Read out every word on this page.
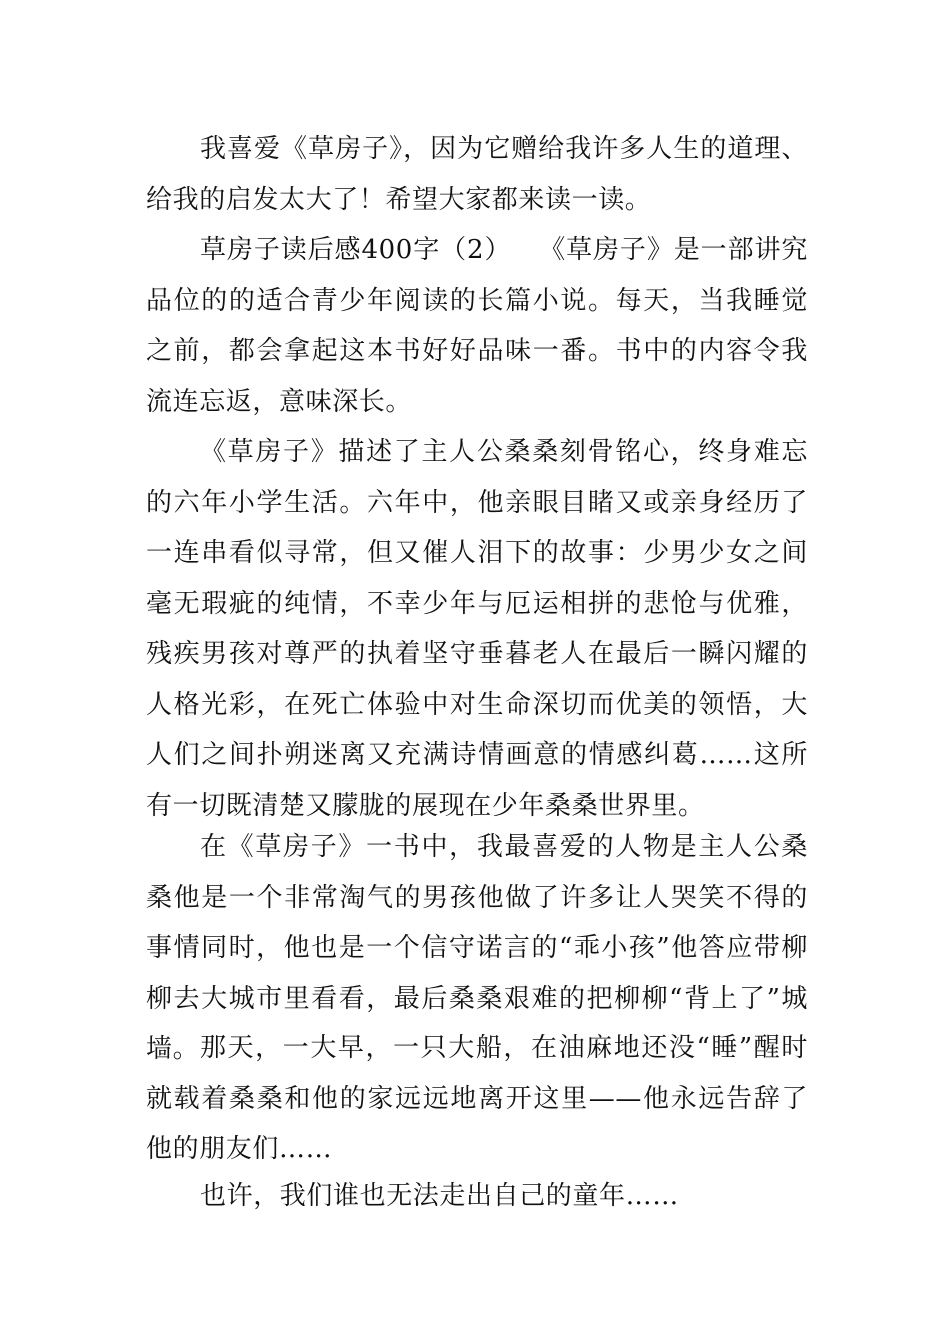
我喜爱《草房子》，因为它赠给我许多人生的道理、给我的启发太大了！希望大家都来读一读。

草房子读后感400字（2）　　《草房子》是一部讲究品位的的适合青少年阅读的长篇小说。每天，当我睡觉之前，都会拿起这本书好好品味一番。书中的内容令我流连忘返，意味深长。

《草房子》描述了主人公桑桑刻骨铭心，终身难忘的六年小学生活。六年中，他亲眼目睹又或亲身经历了一连串看似寻常，但又催人泪下的故事：少男少女之间毫无瑕疵的纯情，不幸少年与厄运相拼的悲怆与优雅，残疾男孩对尊严的执着坚守垂暮老人在最后一瞬闪耀的人格光彩，在死亡体验中对生命深切而优美的领悟，大人们之间扑朔迷离又充满诗情画意的情感纠葛……这所有一切既清楚又朦胧的展现在少年桑桑世界里。

在《草房子》一书中，我最喜爱的人物是主人公桑桑他是一个非常淘气的男孩他做了许多让人哭笑不得的事情同时，他也是一个信守诺言的“乖小孩”他答应带柳柳去大城市里看看，最后桑桑艰难的把柳柳“背上了”城墙。 那天，一大早，一只大船，在油麻地还没“睡”醒时就载着桑桑和他的家远远地离开这里——他永远告辞了他的朋友们……

也许，我们谁也无法走出自己的童年……
